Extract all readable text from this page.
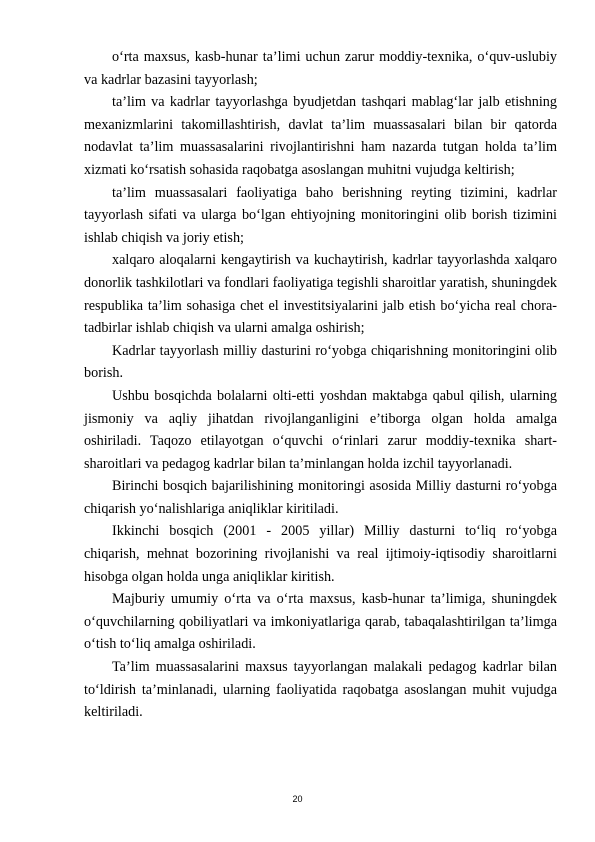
o‘rta maxsus, kasb-hunar ta’limi uchun zarur moddiy-texnika, o‘quv-uslubiy va kadrlar bazasini tayyorlash;

ta’lim va kadrlar tayyorlashga byudjetdan tashqari mablag‘lar jalb etishning mexanizmlarini takomillashtirish, davlat ta’lim muassasalari bilan bir qatorda nodavlat ta’lim muassasalarini rivojlantirishni ham nazarda tutgan holda ta’lim xizmati ko‘rsatish sohasida raqobatga asoslangan muhitni vujudga keltirish;

ta’lim muassasalari faoliyatiga baho berishning reyting tizimini, kadrlar tayyorlash sifati va ularga bo‘lgan ehtiyojning monitoringini olib borish tizimini ishlab chiqish va joriy etish;

xalqaro aloqalarni kengaytirish va kuchaytirish, kadrlar tayyorlashda xalqaro donorlik tashkilotlari va fondlari faoliyatiga tegishli sharoitlar yaratish, shuningdek respublika ta’lim sohasiga chet el investitsiyalarini jalb etish bo‘yicha real chora-tadbirlar ishlab chiqish va ularni amalga oshirish;

Kadrlar tayyorlash milliy dasturini ro‘yobga chiqarishning monitoringini olib borish.

Ushbu bosqichda bolalarni olti-etti yoshdan maktabga qabul qilish, ularning jismoniy va aqliy jihatdan rivojlanganligini e’tiborga olgan holda amalga oshiriladi. Taqozo etilayotgan o‘quvchi o‘rinlari zarur moddiy-texnika shart-sharoitlari va pedagog kadrlar bilan ta’minlangan holda izchil tayyorlanadi.

Birinchi bosqich bajarilishining monitoringi asosida Milliy dasturni ro‘yobga chiqarish yo‘nalishlariga aniqliklar kiritiladi.

Ikkinchi bosqich (2001 - 2005 yillar) Milliy dasturni to‘liq ro‘yobga chiqarish, mehnat bozorining rivojlanishi va real ijtimoiy-iqtisodiy sharoitlarni hisobga olgan holda unga aniqliklar kiritish.

Majburiy umumiy o‘rta va o‘rta maxsus, kasb-hunar ta’limiga, shuningdek o‘quvchilarning qobiliyatlari va imkoniyatlariga qarab, tabaqalashtirilgan ta’limga o‘tish to‘liq amalga oshiriladi.

Ta’lim muassasalarini maxsus tayyorlangan malakali pedagog kadrlar bilan to‘ldirish ta’minlanadi, ularning faoliyatida raqobatga asoslangan muhit vujudga keltiriladi.

20
